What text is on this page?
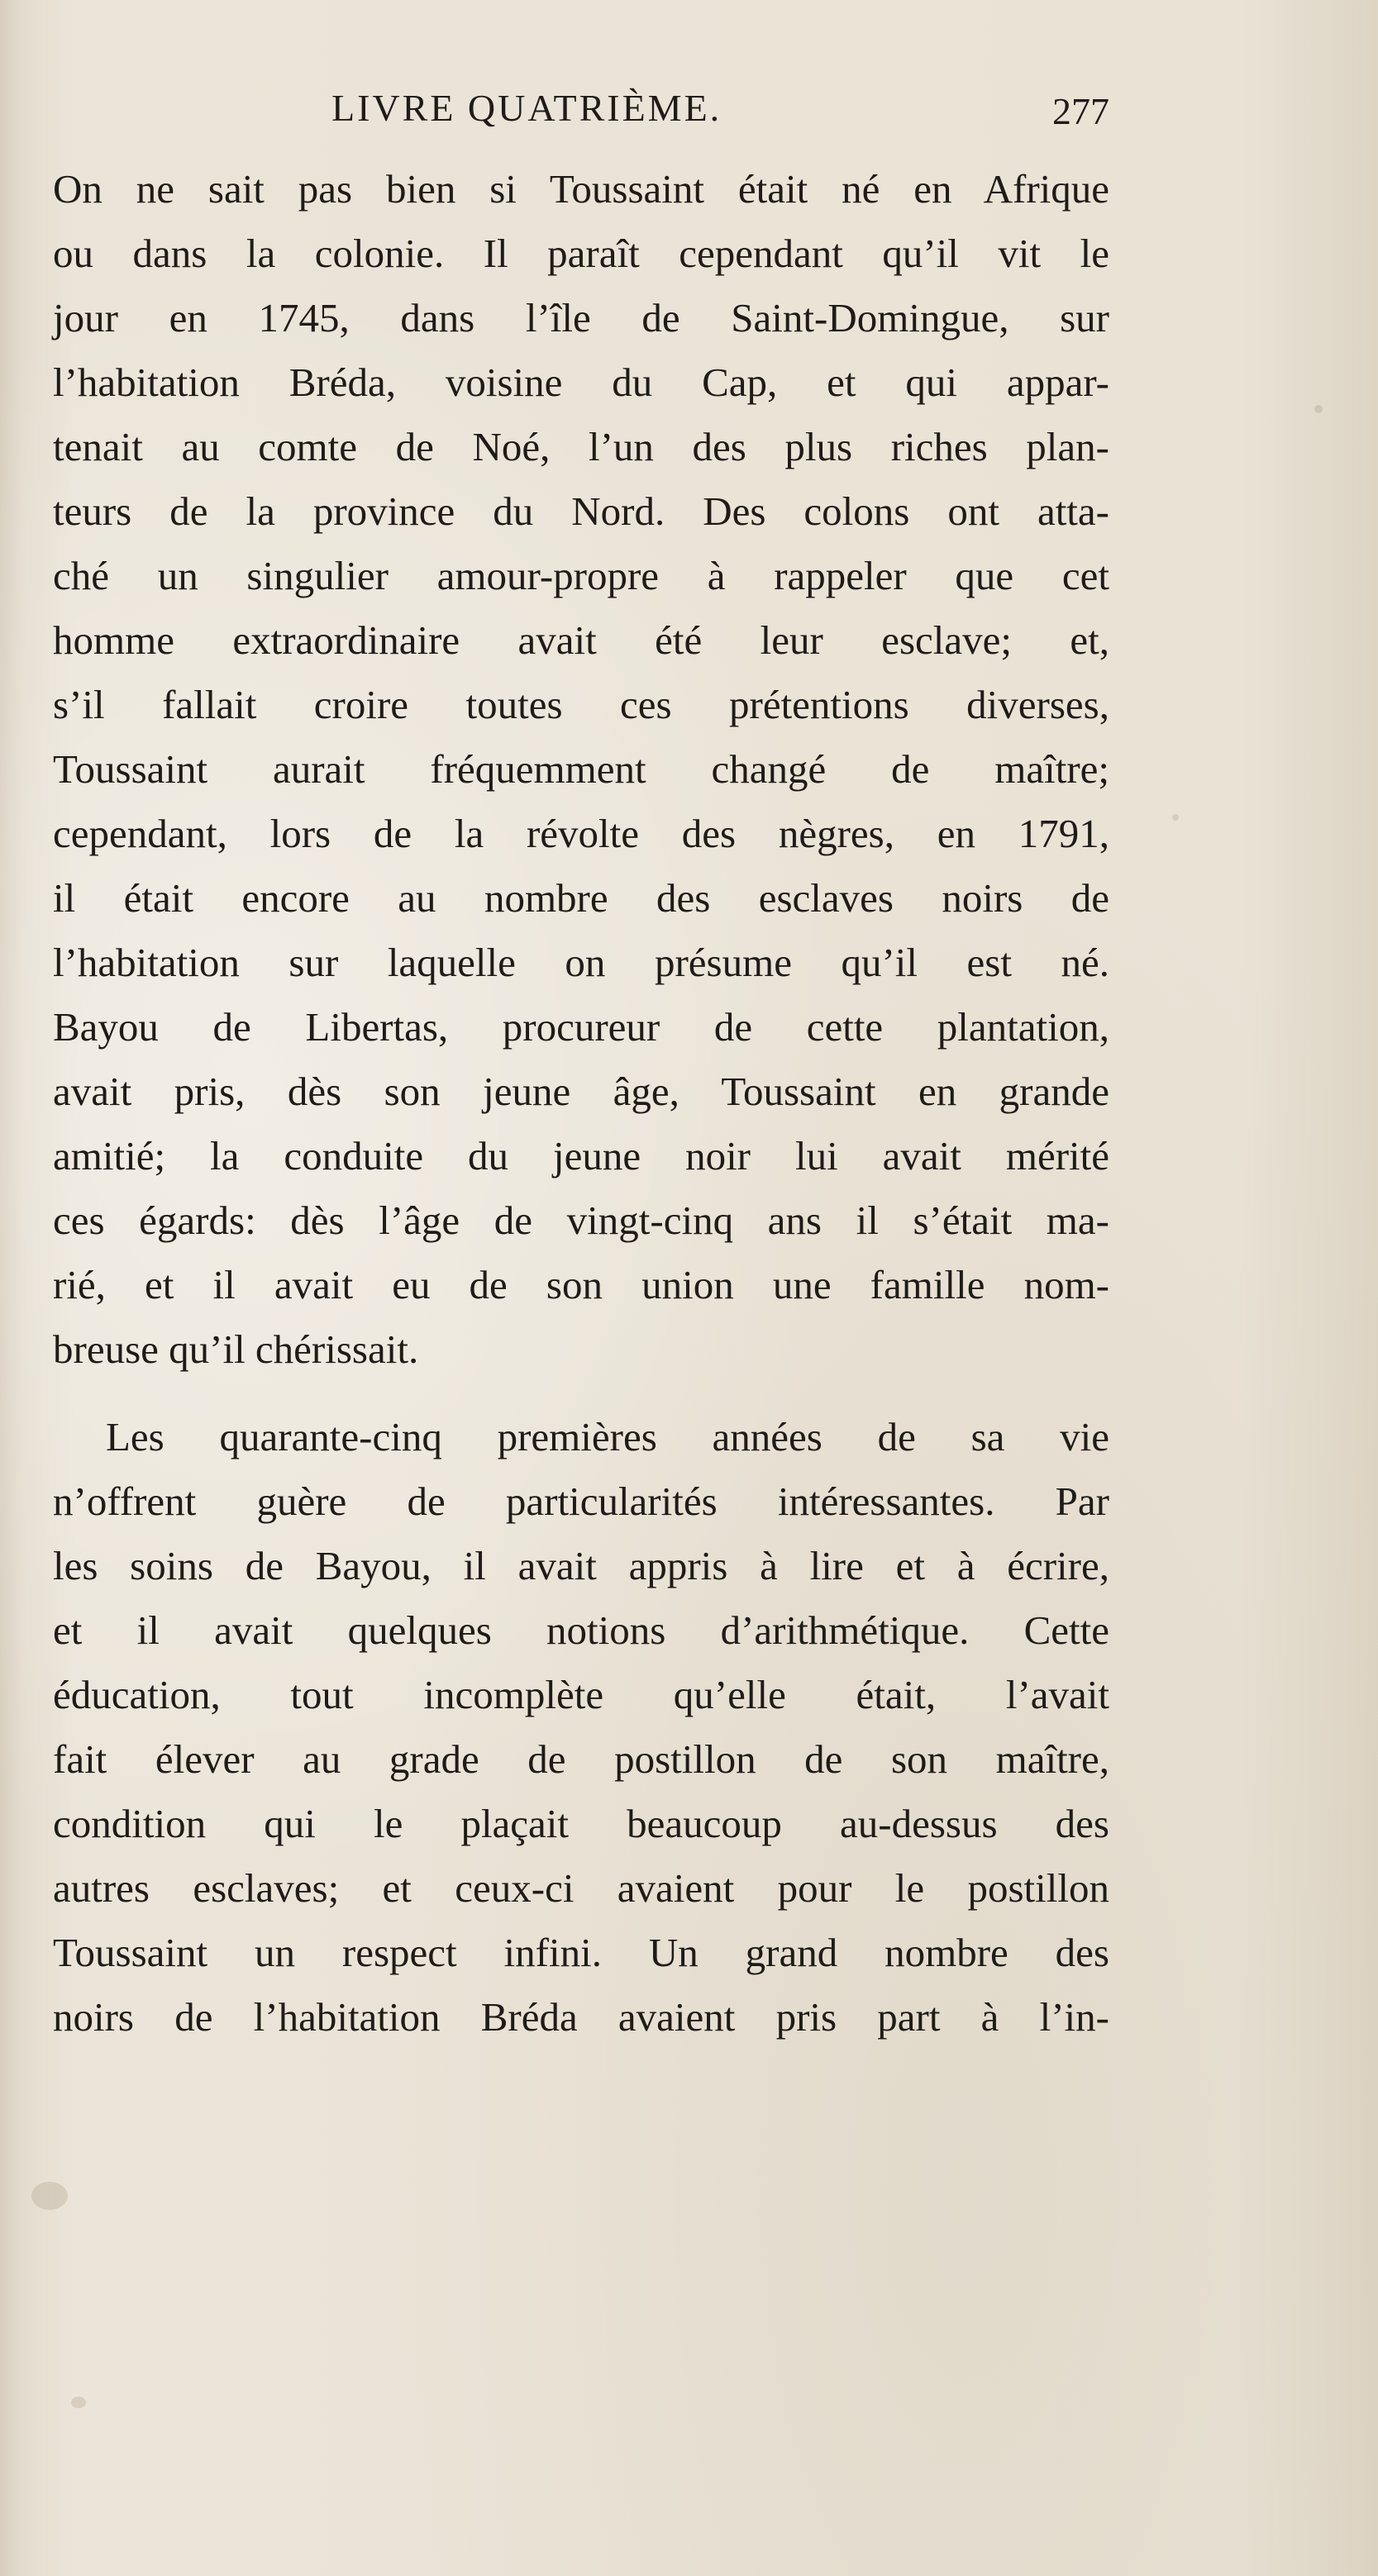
LIVRE QUATRIÈME.	277

On ne sait pas bien si Toussaint était né en Afrique
ou dans la colonie. Il paraît cependant qu’il vit le
jour en 1745, dans l’île de Saint-Domingue, sur
l’habitation Bréda, voisine du Cap, et qui appar-
tenait au comte de Noé, l’un des plus riches plan-
teurs de la province du Nord. Des colons ont atta-
ché un singulier amour-propre à rappeler que cet
homme extraordinaire avait été leur esclave; et,
s’il fallait croire toutes ces prétentions diverses,
Toussaint aurait fréquemment changé de maître;
cependant, lors de la révolte des nègres, en 1791,
il était encore au nombre des esclaves noirs de
l’habitation sur laquelle on présume qu’il est né.
Bayou de Libertas, procureur de cette plantation,
avait pris, dès son jeune âge, Toussaint en grande
amitié; la conduite du jeune noir lui avait mérité
ces égards: dès l’âge de vingt-cinq ans il s’était ma-
rié, et il avait eu de son union une famille nom-
breuse qu’il chérissait.

Les quarante-cinq premières années de sa vie
n’offrent guère de particularités intéressantes. Par
les soins de Bayou, il avait appris à lire et à écrire,
et il avait quelques notions d’arithmétique. Cette
éducation, tout incomplète qu’elle était, l’avait
fait élever au grade de postillon de son maître,
condition qui le plaçait beaucoup au-dessus des
autres esclaves; et ceux-ci avaient pour le postillon
Toussaint un respect infini. Un grand nombre des
noirs de l’habitation Bréda avaient pris part à l’in-
